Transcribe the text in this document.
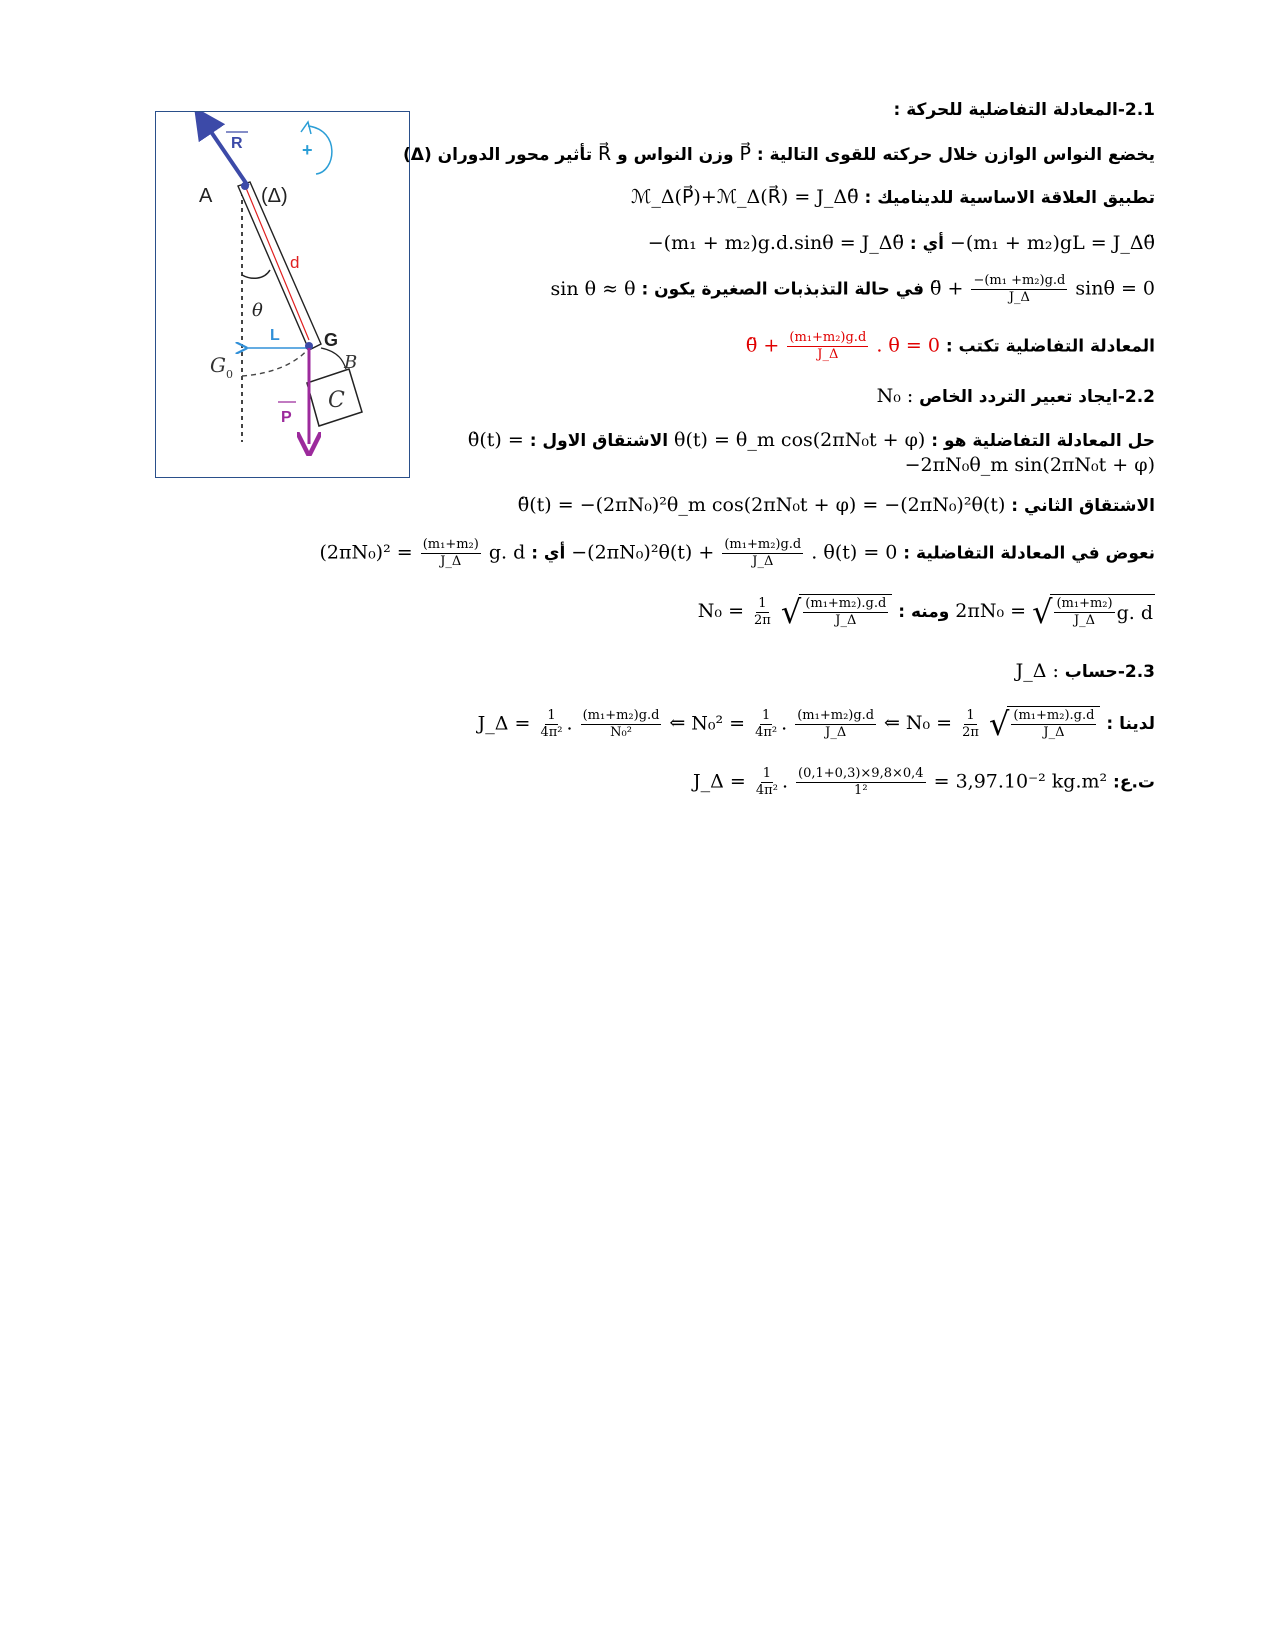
R	+
A (Δ)
d
θ
L G
G 0
B
C
P
2.1-المعادلة التفاضلية للحركة :
يخضع النواس الوازن خلال حركته للقوى التالية : P⃗ وزن النواس و R⃗ تأثير محور الدوران (Δ)
تطبيق العلاقة الاساسية للديناميك : ℳ_Δ(P⃗)+ℳ_Δ(R⃗) = J_Δθ̈
−(m₁ + m₂)gL = J_Δθ̈ أي : −(m₁ + m₂)g.d.sinθ = J_Δθ̈
θ̈ + $\frac{\text{−(m₁ +m₂)g.d}}{J\_\Delta}$ sinθ = 0 في حالة التذبذبات الصغيرة يكون : sin θ ≈ θ
المعادلة التفاضلية تكتب : θ̈ + $\frac{\text{(m₁+m₂)g.d}}{J\_\Delta}$ . θ = 0
2.2-ايجاد تعبير التردد الخاص N₀ :
حل المعادلة التفاضلية هو : θ(t) = θ_m cos(2πN₀t + φ) الاشتقاق الاول : θ̇(t) =
−2πN₀θ_m sin(2πN₀t + φ)
الاشتقاق الثاني : θ̈(t) = −(2πN₀)²θ_m cos(2πN₀t + φ) = −(2πN₀)²θ(t)
نعوض في المعادلة التفاضلية : $-(2\pi N_0)^2\theta(t) + \frac{\text{(m₁+m₂)g.d}}{J\_\Delta}$ . θ(t) = 0 أي : $(2\pi N_0)^2 = \frac{\text{(m₁+m₂)}}{J\_\Delta} g$. d
2πN₀ = √ $\frac{\text{(m₁+m₂)}}{J\_\Delta} g$. d
ومنه : $N_0 = \frac{1}{2\pi}$
√ $\frac{\text{(m₁+m₂).g.d}}{J\_\Delta}$
2.3-حساب J_Δ :
لدينا : $N_0 = \frac{1}{2\pi}$
√ $\frac{\text{(m₁+m₂).g.d}}{J\_\Delta}$
⇐ $N_0^2 = \frac{1}{\text{4π²}}$ . $\frac{\text{(m₁+m₂)g.d}}{J\_\Delta}$
⇐ J_Δ = $\frac{1}{\text{4π²}}$ . $\frac{\text{(m₁+m₂)g.d}}{\text{N₀²}}$
ت.ع: J_Δ = $\frac{1}{\text{4π²}}$ . $\frac{(0,1+0,3)\times 9,8\times 0,4}{\text{1²}} = 3,97.10^{-2}$ kg.m²
